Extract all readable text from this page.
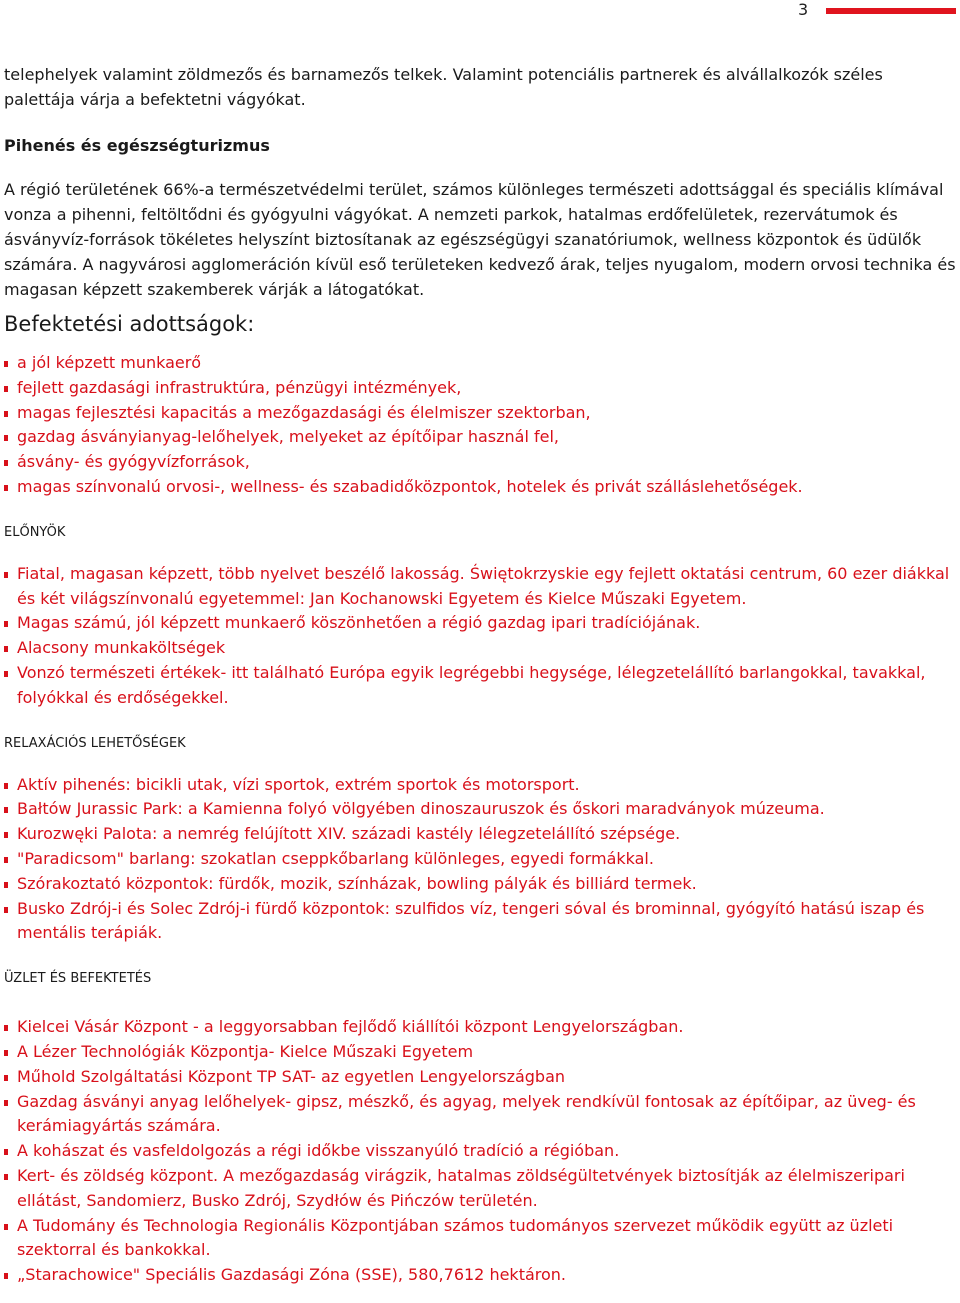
3

telephelyek valamint zöldmezős és barnamezős telkek. Valamint potenciális partnerek és alvállalkozók széles palettája várja a befektetni vágyókat.

Pihenés és egészségturizmus

A régió területének 66%-a természetvédelmi terület, számos különleges természeti adottsággal és speciális klímával vonza a pihenni, feltöltődni és gyógyulni vágyókat. A nemzeti parkok, hatalmas erdőfelületek, rezervátumok és ásványvíz-források tökéletes helyszínt biztosítanak az egészségügyi szanatóriumok, wellness központok és üdülők számára. A nagyvárosi agglomeráción kívül eső területeken kedvező árak, teljes nyugalom, modern orvosi technika és magasan képzett szakemberek várják a látogatókat.

Befektetési adottságok:
a jól képzett munkaerő
fejlett gazdasági infrastruktúra, pénzügyi intézmények,
magas fejlesztési kapacitás a mezőgazdasági és élelmiszer szektorban,
gazdag ásványianyag-lelőhelyek, melyeket az építőipar használ fel,
ásvány- és gyógyvízforrások,
magas színvonalú orvosi-, wellness- és szabadidőközpontok, hotelek és privát szálláslehetőségek.
ELŐNYÖK
Fiatal, magasan képzett, több nyelvet beszélő lakosság. Świętokrzyskie egy fejlett oktatási centrum, 60 ezer diákkal és két világszínvonalú egyetemmel: Jan Kochanowski Egyetem és Kielce Műszaki Egyetem.
Magas számú, jól képzett munkaerő köszönhetően a régió gazdag ipari tradíciójának.
Alacsony munkaköltségek
Vonzó természeti értékek- itt található Európa egyik legrégebbi hegysége, lélegzetelállító barlangokkal, tavakkal, folyókkal és erdőségekkel.
RELAXÁCIÓS LEHETŐSÉGEK
Aktív pihenés: bicikli utak, vízi sportok, extrém sportok és motorsport.
Bałtów Jurassic Park: a Kamienna folyó völgyében dinoszauruszok és őskori maradványok múzeuma.
Kurozwęki Palota: a nemrég felújított XIV. századi kastély lélegzetelállító szépsége.
"Paradicsom" barlang: szokatlan cseppkőbarlang különleges, egyedi formákkal.
Szórakoztató központok: fürdők, mozik, színházak, bowling pályák és billiárd termek.
Busko Zdrój-i és Solec Zdrój-i fürdő központok: szulfidos víz, tengeri sóval és brominnal, gyógyító hatású iszap és mentális terápiák.
ÜZLET ÉS BEFEKTETÉS
Kielcei Vásár Központ - a leggyorsabban fejlődő kiállítói központ Lengyelországban.
A Lézer Technológiák Központja- Kielce Műszaki Egyetem
Műhold Szolgáltatási Központ TP SAT- az egyetlen Lengyelországban
Gazdag ásványi anyag lelőhelyek- gipsz, mészkő, és agyag, melyek rendkívül fontosak az építőipar, az üveg- és kerámiagyártás számára.
A kohászat és vasfeldolgozás a régi időkbe visszanyúló tradíció a régióban.
Kert- és zöldség központ. A mezőgazdaság virágzik, hatalmas zöldségültetvények biztosítják az élelmiszeripari ellátást, Sandomierz, Busko Zdrój, Szydłów és Pińczów területén.
A Tudomány és Technologia Regionális Központjában számos tudományos szervezet működik együtt az üzleti szektorral és bankokkal.
„Starachowice" Speciális Gazdasági Zóna (SSE), 580,7612 hektáron.
